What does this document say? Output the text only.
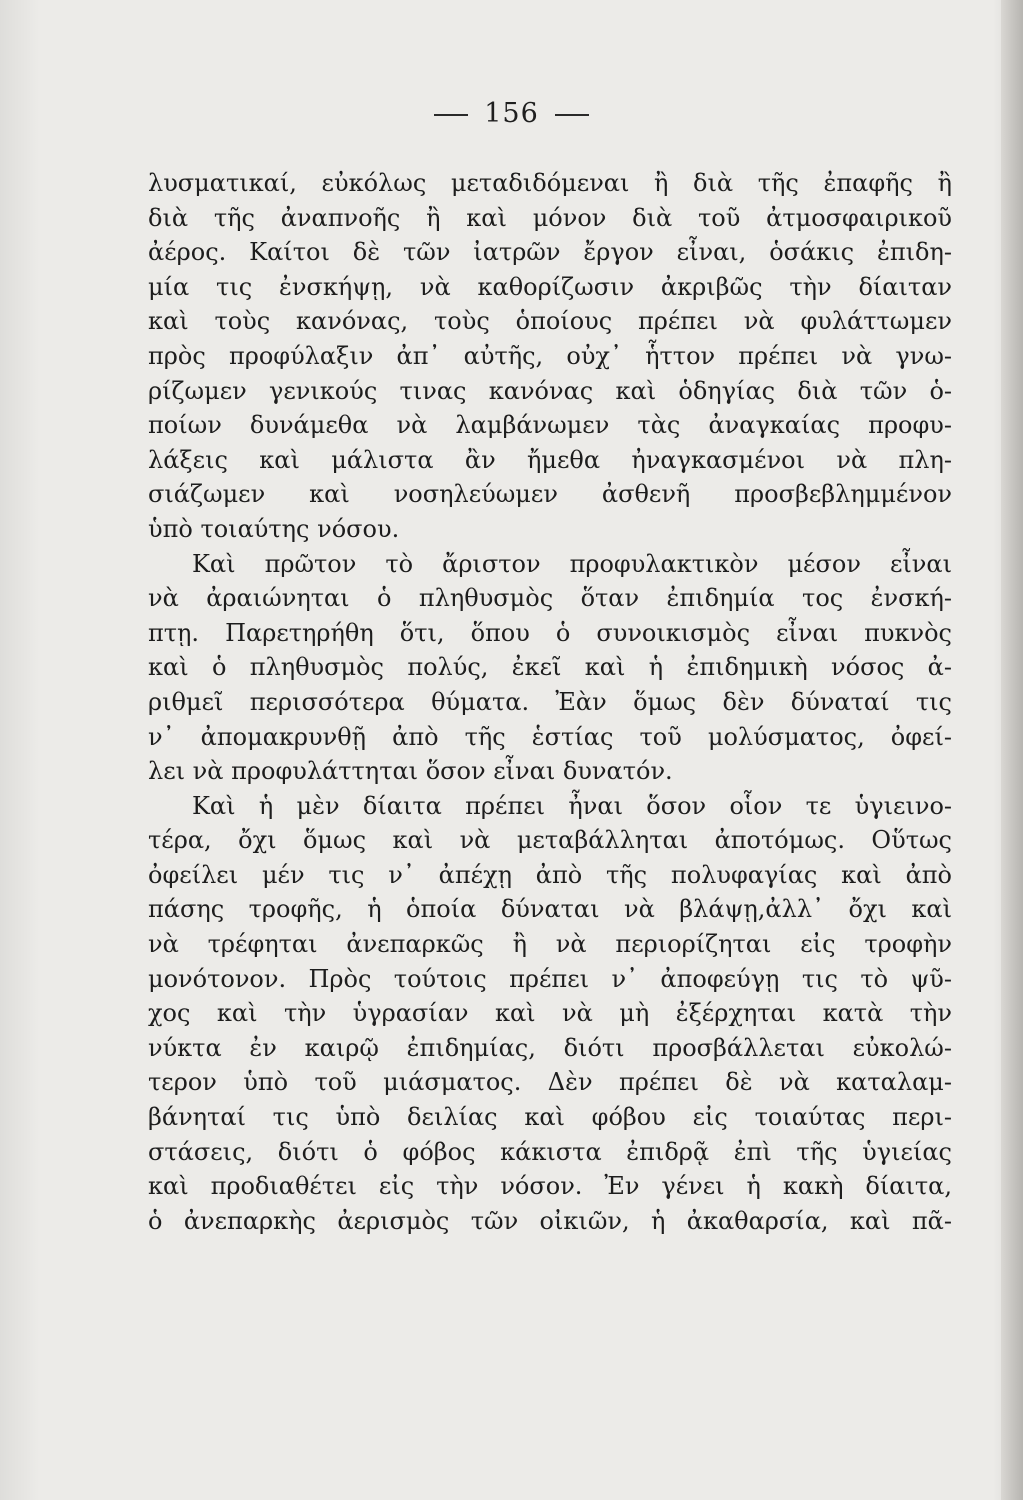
156
λυσματικαί, εὐκόλως μεταδιδόμεναι ἢ διὰ τῆς ἐπαφῆς ἢ
διὰ τῆς ἀναπνοῆς ἢ καὶ μόνον διὰ τοῦ ἀτμοσφαιρικοῦ
ἀέρος. Καίτοι δὲ τῶν ἰατρῶν ἔργον εἶναι, ὁσάκις ἐπιδη-
μία τις ἐνσκήψῃ, νὰ καθορίζωσιν ἀκριβῶς τὴν δίαιταν
καὶ τοὺς κανόνας, τοὺς ὁποίους πρέπει νὰ φυλάττωμεν
πρὸς προφύλαξιν ἀπ᾽ αὐτῆς, οὐχ᾽ ἧττον πρέπει νὰ γνω-
ρίζωμεν γενικούς τινας κανόνας καὶ ὁδηγίας διὰ τῶν ὁ-
ποίων δυνάμεθα νὰ λαμβάνωμεν τὰς ἀναγκαίας προφυ-
λάξεις καὶ μάλιστα ἂν ἤμεθα ἠναγκασμένοι νὰ πλη-
σιάζωμεν καὶ νοσηλεύωμεν ἀσθενῆ προσβεβλημμένον
ὑπὸ τοιαύτης νόσου.
Καὶ πρῶτον τὸ ἄριστον προφυλακτικὸν μέσον εἶναι
νὰ ἀραιώνηται ὁ πληθυσμὸς ὅταν ἐπιδημία τος ἐνσκή-
πτῃ. Παρετηρήθη ὅτι, ὅπου ὁ συνοικισμὸς εἶναι πυκνὸς
καὶ ὁ πληθυσμὸς πολύς, ἐκεῖ καὶ ἡ ἐπιδημικὴ νόσος ἀ-
ριθμεῖ περισσότερα θύματα. Ἐὰν ὅμως δὲν δύναταί τις
ν᾽ ἀπομακρυνθῇ ἀπὸ τῆς ἑστίας τοῦ μολύσματος, ὀφεί-
λει νὰ προφυλάττηται ὅσον εἶναι δυνατόν.
Καὶ ἡ μὲν δίαιτα πρέπει ἦναι ὅσον οἷον τε ὑγιεινο-
τέρα, ὄχι ὅμως καὶ νὰ μεταβάλληται ἀποτόμως. Οὕτως
ὀφείλει μέν τις ν᾽ ἀπέχῃ ἀπὸ τῆς πολυφαγίας καὶ ἀπὸ
πάσης τροφῆς, ἡ ὁποία δύναται νὰ βλάψῃ,ἀλλ᾽ ὄχι καὶ
νὰ τρέφηται ἀνεπαρκῶς ἢ νὰ περιορίζηται εἰς τροφὴν
μονότονον. Πρὸς τούτοις πρέπει ν᾽ ἀποφεύγῃ τις τὸ ψῦ-
χος καὶ τὴν ὑγρασίαν καὶ νὰ μὴ ἐξέρχηται κατὰ τὴν
νύκτα ἐν καιρῷ ἐπιδημίας, διότι προσβάλλεται εὐκολώ-
τερον ὑπὸ τοῦ μιάσματος. Δὲν πρέπει δὲ νὰ καταλαμ-
βάνηταί τις ὑπὸ δειλίας καὶ φόβου εἰς τοιαύτας περι-
στάσεις, διότι ὁ φόβος κάκιστα ἐπιδρᾷ ἐπὶ τῆς ὑγιείας
καὶ προδιαθέτει εἰς τὴν νόσον. Ἐν γένει ἡ κακὴ δίαιτα,
ὁ ἀνεπαρκὴς ἀερισμὸς τῶν οἰκιῶν, ἡ ἀκαθαρσία, καὶ πᾶ-
